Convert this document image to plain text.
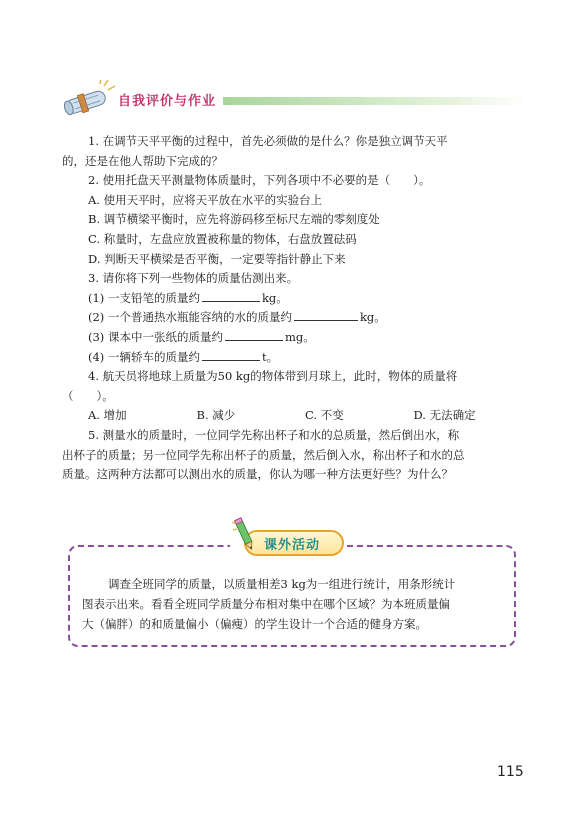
自我评价与作业

1. 在调节天平平衡的过程中，首先必须做的是什么？你是独立调节天平

的，还是在他人帮助下完成的？

2. 使用托盘天平测量物体质量时，下列各项中不必要的是（　　）。

A. 使用天平时，应将天平放在水平的实验台上

B. 调节横梁平衡时，应先将游码移至标尺左端的零刻度处

C. 称量时，左盘应放置被称量的物体，右盘放置砝码

D. 判断天平横梁是否平衡，一定要等指针静止下来

3. 请你将下列一些物体的质量估测出来。

(1) 一支铅笔的质量约	kg。

(2) 一个普通热水瓶能容纳的水的质量约	kg。

(3) 课本中一张纸的质量约	mg。

(4) 一辆轿车的质量约	t。

4. 航天员将地球上质量为50 kg的物体带到月球上，此时，物体的质量将

（　　）。

A. 增加	B. 减少	C. 不变	D. 无法确定

5. 测量水的质量时，一位同学先称出杯子和水的总质量，然后倒出水，称

出杯子的质量；另一位同学先称出杯子的质量，然后倒入水，称出杯子和水的总

质量。这两种方法都可以测出水的质量，你认为哪一种方法更好些？为什么？

课外活动

调查全班同学的质量，以质量相差3 kg为一组进行统计，用条形统计

图表示出来。看看全班同学质量分布相对集中在哪个区域？为本班质量偏

大（偏胖）的和质量偏小（偏瘦）的学生设计一个合适的健身方案。

115
